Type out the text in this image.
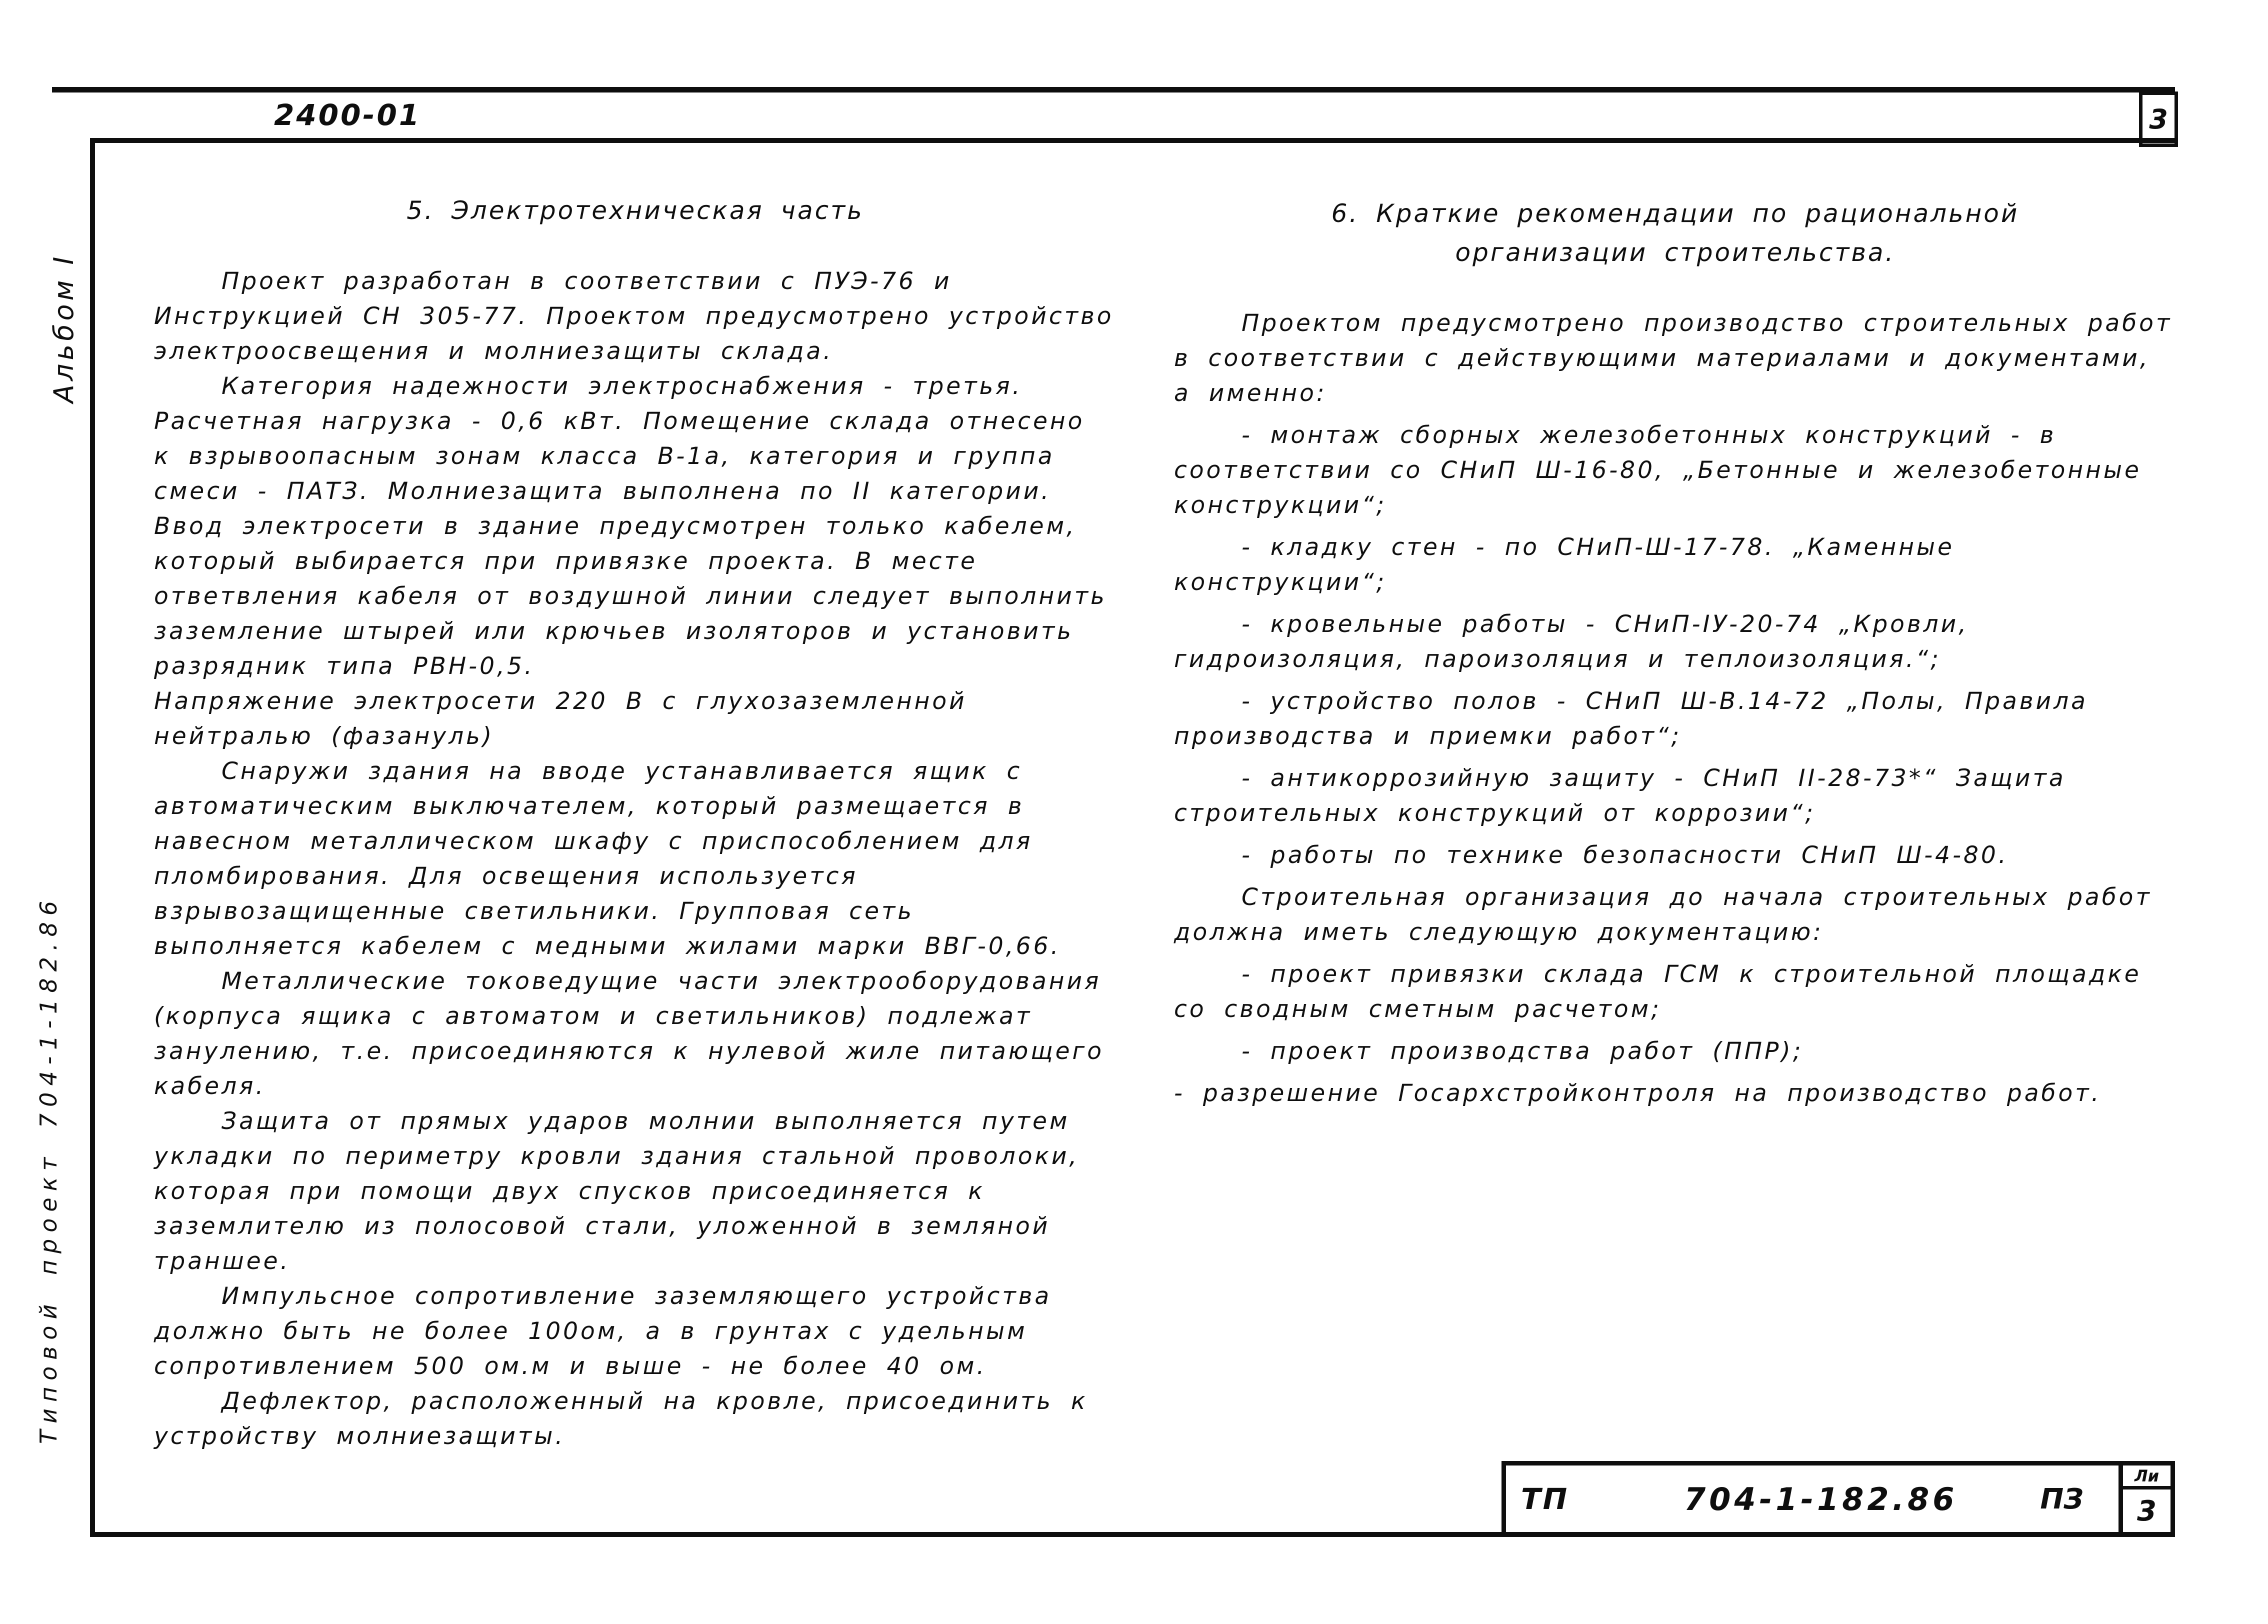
2400-01	3
Альбом I
Типовой проект 704-1-182.86
5. Электротехническая часть

Проект разработан в соответствии с ПУЭ-76 и Инструкцией СН 305-77. Проектом предусмотрено устройство электроосвещения и молниезащиты склада.

Категория надежности электроснабжения - третья. Расчетная нагрузка - 0,6 кВт. Помещение склада отнесено к взрывоопасным зонам класса В-1а, категория и группа смеси - ПАТЗ. Молниезащита выполнена по II категории.

Ввод электросети в здание предусмотрен только кабелем, который выбирается при привязке проекта. В месте ответвления кабеля от воздушной линии следует выполнить заземление штырей или крючьев изоляторов и установить разрядник типа РВН-0,5.

Напряжение электросети 220 В с глухозаземленной нейтралью (фазануль)

Снаружи здания на вводе устанавливается ящик с автоматическим выключателем, который размещается в навесном металлическом шкафу с приспособлением для пломбирования. Для освещения используется взрывозащищенные светильники. Групповая сеть выполняется кабелем с медными жилами марки ВВГ-0,66.

Металлические токоведущие части электрооборудования (корпуса ящика с автоматом и светильников) подлежат занулению, т.е. присоединяются к нулевой жиле питающего кабеля.

Защита от прямых ударов молнии выполняется путем укладки по периметру кровли здания стальной проволоки, которая при помощи двух спусков присоединяется к заземлителю из полосовой стали, уложенной в земляной траншее.

Импульсное сопротивление заземляющего устройства должно быть не более 100ом, а в грунтах с удельным сопротивлением 500 ом.м и выше - не более 40 ом.

Дефлектор, расположенный на кровле, присоединить к устройству молниезащиты.

6. Краткие рекомендации по рациональной организации строительства.

Проектом предусмотрено производство строительных работ в соответствии с действующими материалами и документами, а именно:

- монтаж сборных железобетонных конструкций - в соответствии со СНиП Ш-16-80, „Бетонные и железобетонные конструкции“;

- кладку стен - по СНиП-Ш-17-78. „Каменные конструкции“;

- кровельные работы - СНиП-IУ-20-74 „Кровли, гидроизоляция, пароизоляция и теплоизоляция.“;

- устройство полов - СНиП Ш-В.14-72 „Полы, Правила производства и приемки работ“;

- антикоррозийную защиту - СНиП II-28-73*“ Защита строительных конструкций от коррозии“;

- работы по технике безопасности СНиП Ш-4-80.

Строительная организация до начала строительных работ должна иметь следующую документацию:

- проект привязки склада ГСМ к строительной площадке со сводным сметным расчетом;

- проект производства работ (ППР);

- разрешение Госархстройконтроля на производство работ.

ТП	704-1-182.86	ПЗ
Ли
3
